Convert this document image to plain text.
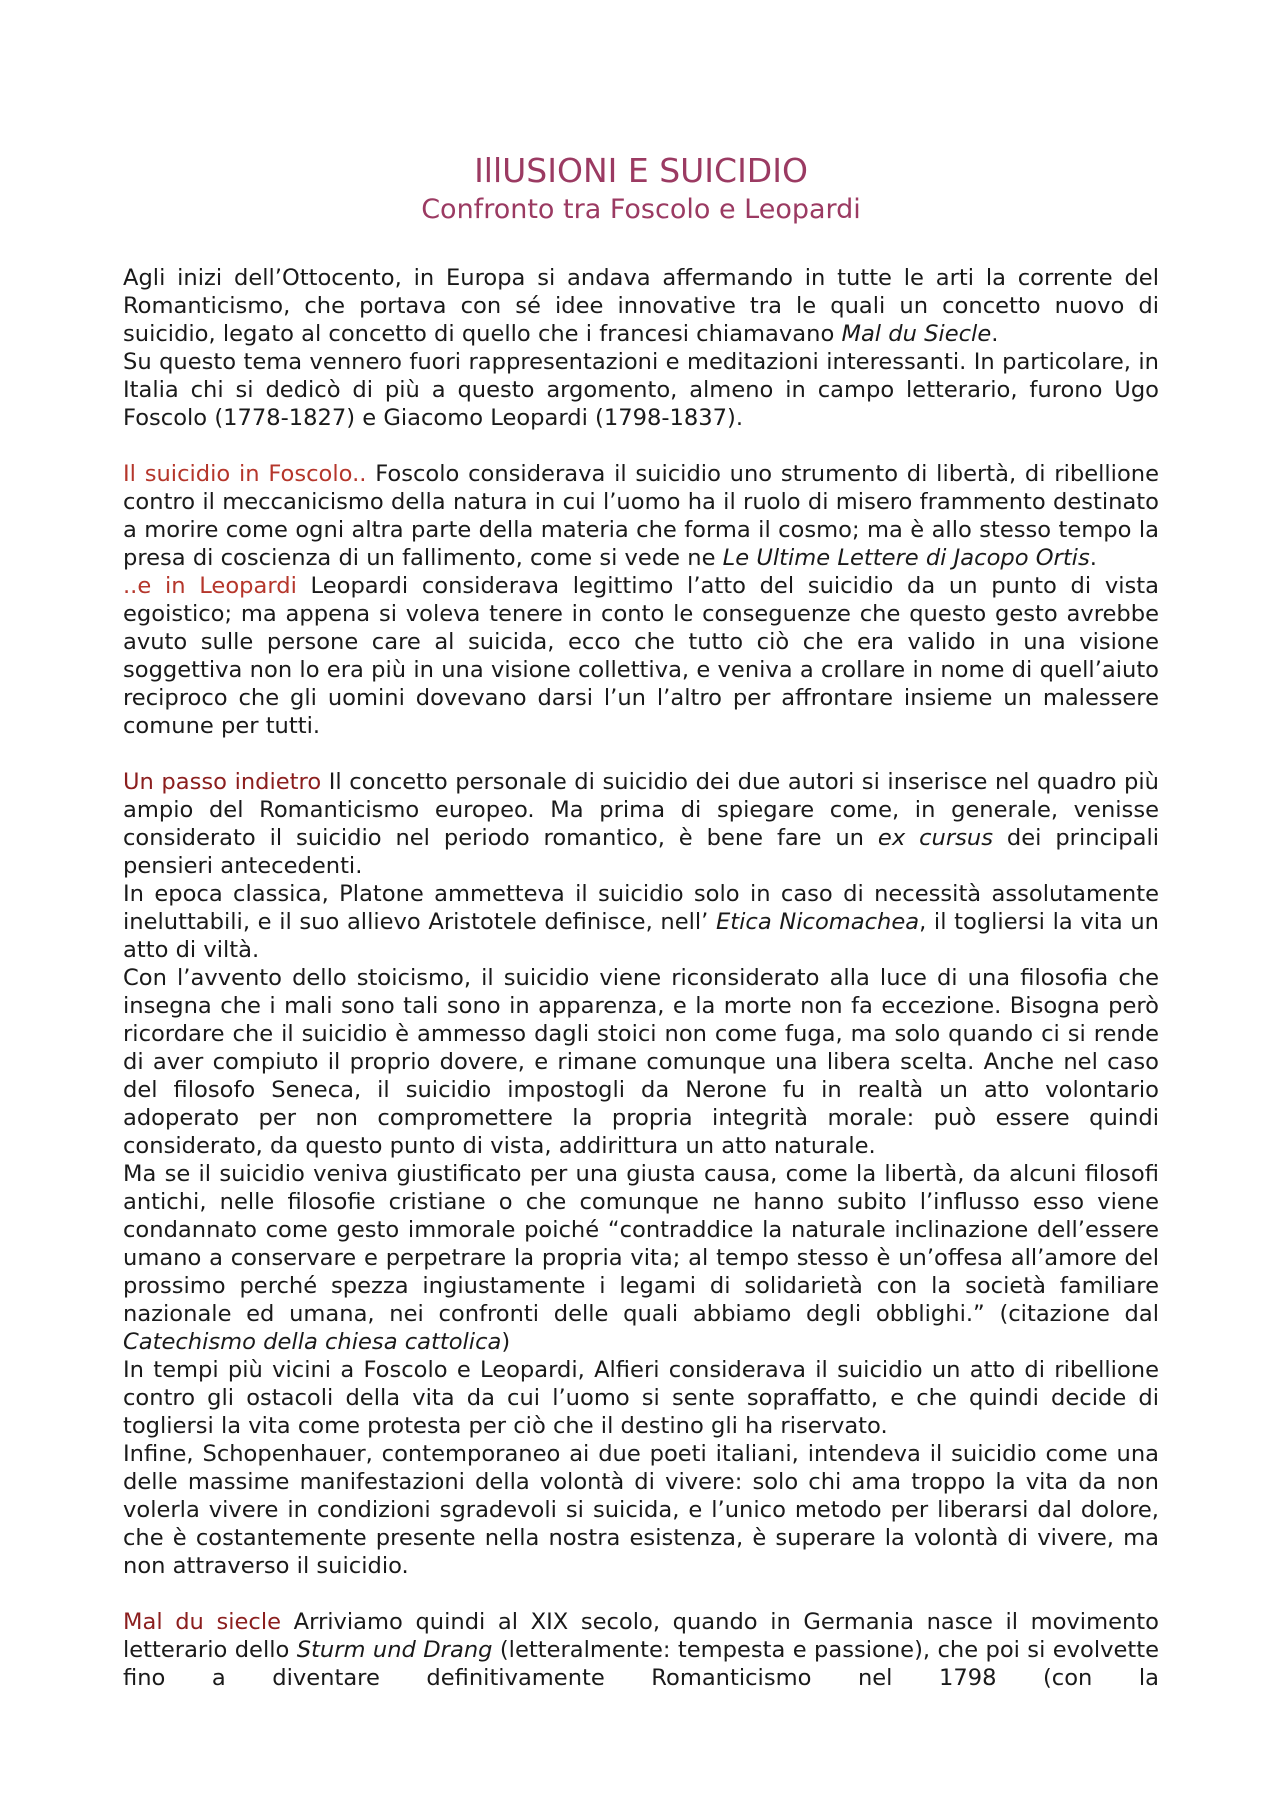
IllUSIONI E SUICIDIO
Confronto tra Foscolo e Leopardi

Agli inizi dell’Ottocento, in Europa si andava affermando in tutte le arti la corrente del Romanticismo, che portava con sé idee innovative tra le quali un concetto nuovo di suicidio, legato al concetto di quello che i francesi chiamavano Mal du Siecle.

Su questo tema vennero fuori rappresentazioni e meditazioni interessanti. In particolare, in Italia chi si dedicò di più a questo argomento, almeno in campo letterario, furono Ugo Foscolo (1778-1827) e Giacomo Leopardi (1798-1837).

Il suicidio in Foscolo.. Foscolo considerava il suicidio uno strumento di libertà, di ribellione contro il meccanicismo della natura in cui l’uomo ha il ruolo di misero frammento destinato a morire come ogni altra parte della materia che forma il cosmo; ma è allo stesso tempo la presa di coscienza di un fallimento, come si vede ne Le Ultime Lettere di Jacopo Ortis.

..e in Leopardi Leopardi considerava legittimo l’atto del suicidio da un punto di vista egoistico; ma appena si voleva tenere in conto le conseguenze che questo gesto avrebbe avuto sulle persone care al suicida, ecco che tutto ciò che era valido in una visione soggettiva non lo era più in una visione collettiva, e veniva a crollare in nome di quell’aiuto reciproco che gli uomini dovevano darsi l’un l’altro per affrontare insieme un malessere comune per tutti.

Un passo indietro Il concetto personale di suicidio dei due autori si inserisce nel quadro più ampio del Romanticismo europeo. Ma prima di spiegare come, in generale, venisse considerato il suicidio nel periodo romantico, è bene fare un ex cursus dei principali pensieri antecedenti.

In epoca classica, Platone ammetteva il suicidio solo in caso di necessità assolutamente ineluttabili, e il suo allievo Aristotele definisce, nell’ Etica Nicomachea, il togliersi la vita un atto di viltà.

Con l’avvento dello stoicismo, il suicidio viene riconsiderato alla luce di una filosofia che insegna che i mali sono tali sono in apparenza, e la morte non fa eccezione. Bisogna però ricordare che il suicidio è ammesso dagli stoici non come fuga, ma solo quando ci si rende di aver compiuto il proprio dovere, e rimane comunque una libera scelta. Anche nel caso del filosofo Seneca, il suicidio impostogli da Nerone fu in realtà un atto volontario adoperato per non compromettere la propria integrità morale: può essere quindi considerato, da questo punto di vista, addirittura un atto naturale.

Ma se il suicidio veniva giustificato per una giusta causa, come la libertà, da alcuni filosofi antichi, nelle filosofie cristiane o che comunque ne hanno subito l’influsso esso viene condannato come gesto immorale poiché “contraddice la naturale inclinazione dell’essere umano a conservare e perpetrare la propria vita; al tempo stesso è un’offesa all’amore del prossimo perché spezza ingiustamente i legami di solidarietà con la società familiare nazionale ed umana, nei confronti delle quali abbiamo degli obblighi.” (citazione dal Catechismo della chiesa cattolica)

In tempi più vicini a Foscolo e Leopardi, Alfieri considerava il suicidio un atto di ribellione contro gli ostacoli della vita da cui l’uomo si sente sopraffatto, e che quindi decide di togliersi la vita come protesta per ciò che il destino gli ha riservato.

Infine, Schopenhauer, contemporaneo ai due poeti italiani, intendeva il suicidio come una delle massime manifestazioni della volontà di vivere: solo chi ama troppo la vita da non volerla vivere in condizioni sgradevoli si suicida, e l’unico metodo per liberarsi dal dolore, che è costantemente presente nella nostra esistenza, è superare la volontà di vivere, ma non attraverso il suicidio.

Mal du siecle Arriviamo quindi al XIX secolo, quando in Germania nasce il movimento letterario dello Sturm und Drang (letteralmente: tempesta e passione), che poi si evolvette fino a diventare definitivamente Romanticismo nel 1798 (con la
